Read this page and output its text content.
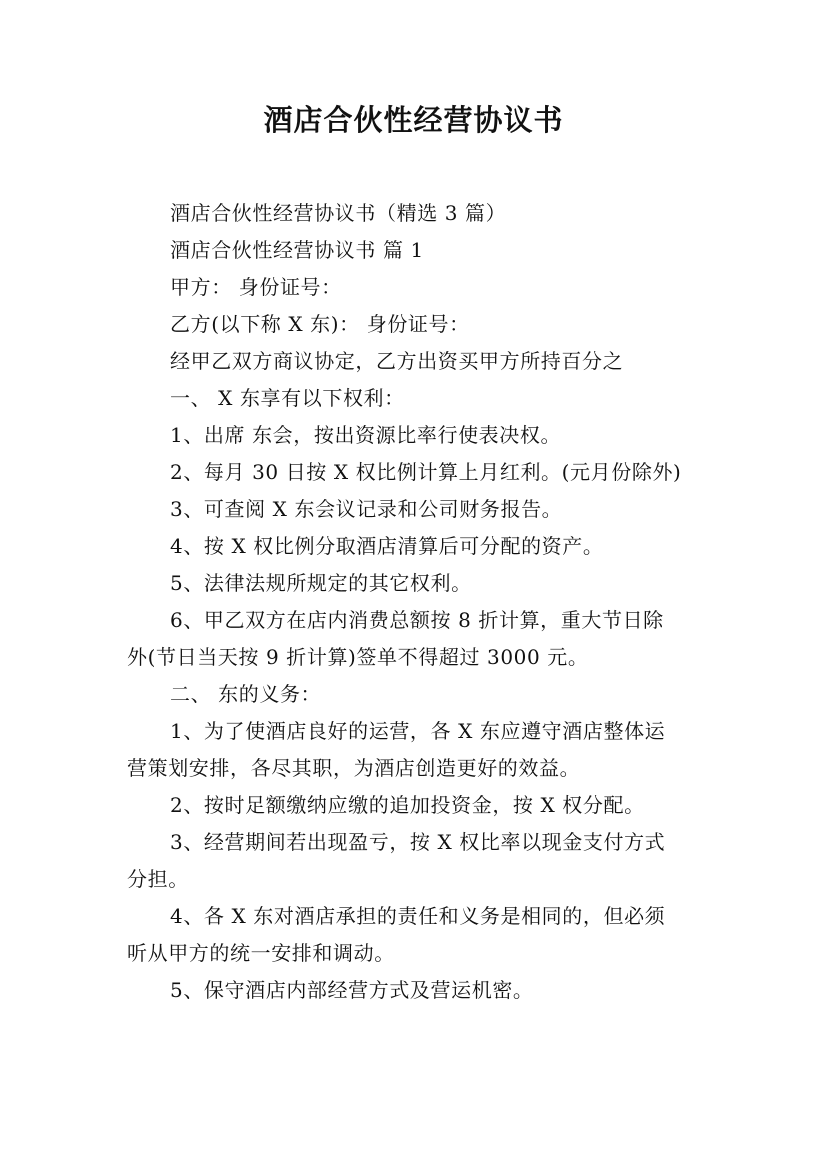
酒店合伙性经营协议书
酒店合伙性经营协议书（精选 3 篇）
酒店合伙性经营协议书 篇 1
甲方： 身份证号：
乙方(以下称 X 东)： 身份证号：
经甲乙双方商议协定，乙方出资买甲方所持百分之
一、 X 东享有以下权利：
1、出席 东会，按出资源比率行使表决权。
2、每月 30 日按 X 权比例计算上月红利。(元月份除外)
3、可查阅 X 东会议记录和公司财务报告。
4、按 X 权比例分取酒店清算后可分配的资产。
5、法律法规所规定的其它权利。
6、甲乙双方在店内消费总额按 8 折计算，重大节日除
外(节日当天按 9 折计算)签单不得超过 3000 元。
二、 东的义务：
1、为了使酒店良好的运营，各 X 东应遵守酒店整体运
营策划安排，各尽其职，为酒店创造更好的效益。
2、按时足额缴纳应缴的追加投资金，按 X 权分配。
3、经营期间若出现盈亏，按 X 权比率以现金支付方式
分担。
4、各 X 东对酒店承担的责任和义务是相同的，但必须
听从甲方的统一安排和调动。
5、保守酒店内部经营方式及营运机密。
